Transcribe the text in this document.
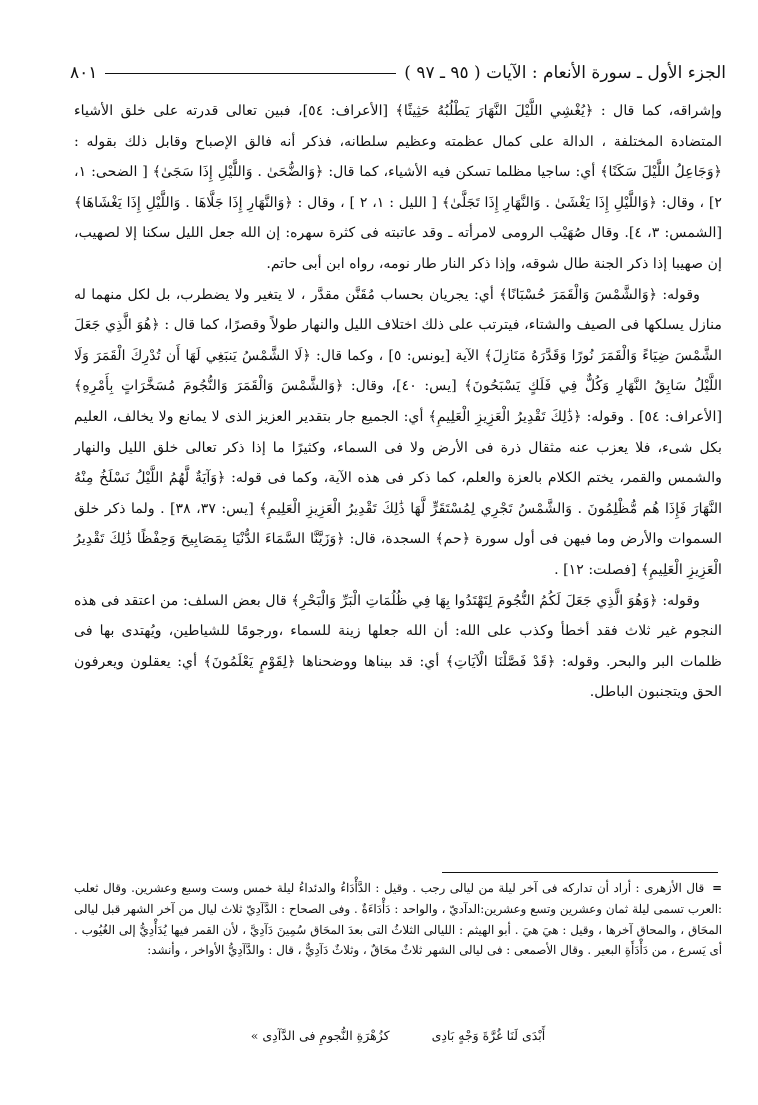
الجزء الأول ـ سورة الأنعام : الآيات ( ٩٥ ـ ٩٧ )
٨٠١

وإشراقه، كما قال : ﴿يُغْشِي اللَّيْلَ النَّهَارَ يَطْلُبُهُ حَثِيثًا﴾ [الأعراف: ٥٤]، فبين تعالى قدرته على خلق الأشياء المتضادة المختلفة ، الدالة على كمال عظمته وعظيم سلطانه، فذكر أنه فالق الإصباح وقابل ذلك بقوله : ﴿وَجَاعِلُ اللَّيْلَ سَكَنًا﴾ أي: ساجيا مظلما تسكن فيه الأشياء، كما قال: ﴿وَالضُّحَىٰ . وَاللَّيْلِ إِذَا سَجَىٰ﴾ [ الضحى: ١، ٢] ، وقال: ﴿وَاللَّيْلِ إِذَا يَغْشَىٰ . وَالنَّهَارِ إِذَا تَجَلَّىٰ﴾ [ الليل : ١، ٢ ] ، وقال : ﴿وَالنَّهَارِ إِذَا جَلَّاهَا . وَاللَّيْلِ إِذَا يَغْشَاهَا﴾ [الشمس: ٣، ٤]. وقال صُهَيْب الرومى لامرأته ـ وقد عاتبته فى كثرة سهره: إن الله جعل الليل سكنا إلا لصهيب، إن صهيبا إذا ذكر الجنة طال شوقه، وإذا ذكر النار طار نومه، رواه ابن أبى حاتم.

وقوله: ﴿وَالشَّمْسَ وَالْقَمَرَ حُسْبَانًا﴾ أي: يجريان بحساب مُقَنَّن مقدَّر ، لا يتغير ولا يضطرب، بل لكل منهما له منازل يسلكها فى الصيف والشتاء، فيترتب على ذلك اختلاف الليل والنهار طولاً وقصرًا، كما قال : ﴿هُوَ الَّذِي جَعَلَ الشَّمْسَ ضِيَاءً وَالْقَمَرَ نُورًا وَقَدَّرَهُ مَنَازِلَ﴾ الآية [يونس: ٥] ، وكما قال: ﴿لَا الشَّمْسُ يَنبَغِي لَهَا أَن تُدْرِكَ الْقَمَرَ وَلَا اللَّيْلُ سَابِقُ النَّهَارِ وَكُلٌّ فِي فَلَكٍ يَسْبَحُونَ﴾ [يس: ٤٠]، وقال: ﴿وَالشَّمْسَ وَالْقَمَرَ وَالنُّجُومَ مُسَخَّرَاتٍ بِأَمْرِهِ﴾ [الأعراف: ٥٤] . وقوله: ﴿ذَٰلِكَ تَقْدِيرُ الْعَزِيزِ الْعَلِيمِ﴾ أي: الجميع جار بتقدير العزيز الذى لا يمانع ولا يخالف، العليم بكل شىء، فلا يعزب عنه مثقال ذرة فى الأرض ولا فى السماء، وكثيرًا ما إذا ذكر تعالى خلق الليل والنهار والشمس والقمر، يختم الكلام بالعزة والعلم، كما ذكر فى هذه الآية، وكما فى قوله: ﴿وَآيَةٌ لَّهُمُ اللَّيْلُ نَسْلَخُ مِنْهُ النَّهَارَ فَإِذَا هُم مُّظْلِمُونَ . وَالشَّمْسُ تَجْرِي لِمُسْتَقَرٍّ لَّهَا ذَٰلِكَ تَقْدِيرُ الْعَزِيزِ الْعَلِيمِ﴾ [يس: ٣٧، ٣٨] . ولما ذكر خلق السموات والأرض وما فيهن فى أول سورة ﴿حم﴾ السجدة، قال: ﴿وَزَيَّنَّا السَّمَاءَ الدُّنْيَا بِمَصَابِيحَ وَحِفْظًا ذَٰلِكَ تَقْدِيرُ الْعَزِيزِ الْعَلِيمِ﴾ [فصلت: ١٢] .

وقوله: ﴿وَهُوَ الَّذِي جَعَلَ لَكُمُ النُّجُومَ لِتَهْتَدُوا بِهَا فِي ظُلُمَاتِ الْبَرِّ وَالْبَحْرِ﴾ قال بعض السلف: من اعتقد فى هذه النجوم غير ثلاث فقد أخطأ وكذب على الله: أن الله جعلها زينة للسماء ،ورجومًا للشياطين، ويُهتدى بها فى ظلمات البر والبحر. وقوله: ﴿قَدْ فَصَّلْنَا الْآيَاتِ﴾ أي: قد بيناها ووضحناها ﴿لِقَوْمٍ يَعْلَمُونَ﴾ أي: يعقلون ويعرفون الحق ويتجنبون الباطل.

=قال الأزهرى : أراد أن تداركه فى آخر ليلة من ليالى رجب . وقيل : الدَّأْدَاءُ والدئداءُ ليلة خمس وست وسبع وعشرين. وقال ثعلب :العرب تسمى ليلة ثمان وعشرين وتسع وعشرين:الدآديّ ، والواحد : دَأْدَاءَةٌ . وفى الصحاح : الدَّآدِيّ ثلاث ليال من آخر الشهر قبل ليالى المحَاق ، والمحاق آخرها ، وقيل : هيَ هيَ . أبو الهيثم : الليالى الثلاثُ التى بعدَ المحَاق سُمِينَ دَآدِيَّ ، لأن القمر فيها يُدَأْدِيُّ إلى الغُيُوب . أى يَسرع ، من دَأْدَأَةِ البعير . وقال الأصمعى : فى ليالى الشهر ثلاثٌ محَاقٌ ، وثلاثٌ دَآدِيٌّ ، قال : والدَّآدِيُّ الأواخر ، وأنشد:
أَبْدَى لَنَا غُرَّةَ وَجْهٍ بَادِى
كزُهْرَةِ النُّجومِ فى الدَّآدِى »
